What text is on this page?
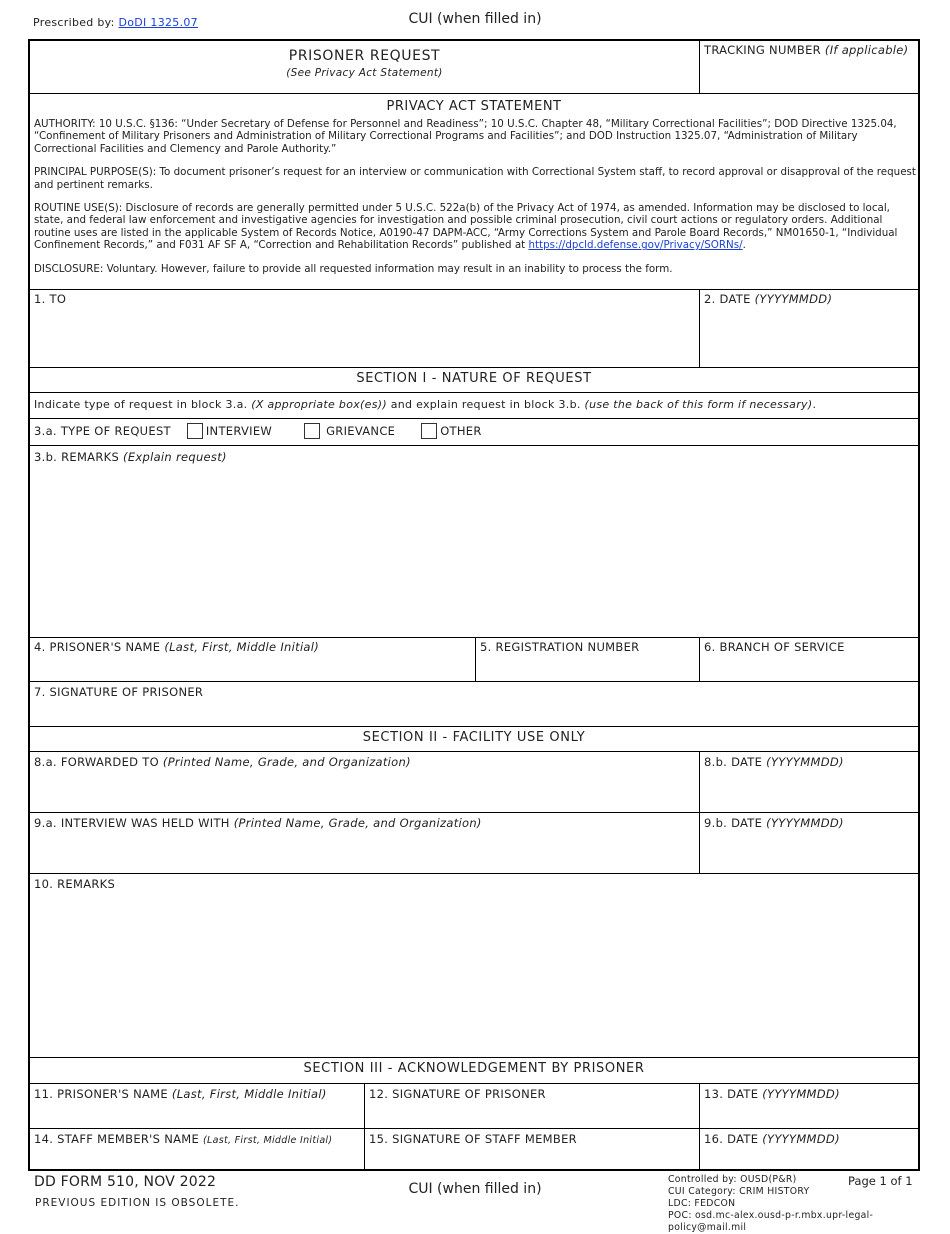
Prescribed by: DoDI 1325.07	CUI (when filled in)
PRISONER REQUEST
(See Privacy Act Statement)
TRACKING NUMBER (If applicable)
PRIVACY ACT STATEMENT

AUTHORITY: 10 U.S.C. §136: “Under Secretary of Defense for Personnel and Readiness”; 10 U.S.C. Chapter 48, “Military Correctional Facilities”; DOD Directive 1325.04, “Confinement of Military Prisoners and Administration of Military Correctional Programs and Facilities”; and DOD Instruction 1325.07, “Administration of Military Correctional Facilities and Clemency and Parole Authority.”

PRINCIPAL PURPOSE(S): To document prisoner’s request for an interview or communication with Correctional System staff, to record approval or disapproval of the request and pertinent remarks.

ROUTINE USE(S): Disclosure of records are generally permitted under 5 U.S.C. 522a(b) of the Privacy Act of 1974, as amended. Information may be disclosed to local, state, and federal law enforcement and investigative agencies for investigation and possible criminal prosecution, civil court actions or regulatory orders. Additional routine uses are listed in the applicable System of Records Notice, A0190-47 DAPM-ACC, “Army Corrections System and Parole Board Records,” NM01650-1, “Individual Confinement Records,” and F031 AF SF A, “Correction and Rehabilitation Records” published at https://dpcld.defense.gov/Privacy/SORNs/.

DISCLOSURE: Voluntary. However, failure to provide all requested information may result in an inability to process the form.

1. TO	2. DATE (YYYYMMDD)
SECTION I - NATURE OF REQUEST
Indicate type of request in block 3.a. (X appropriate box(es)) and explain request in block 3.b. (use the back of this form if necessary).
3.a. TYPE OF REQUEST	INTERVIEW	GRIEVANCE	OTHER
3.b. REMARKS (Explain request)
4. PRISONER'S NAME (Last, First, Middle Initial)	5. REGISTRATION NUMBER	6. BRANCH OF SERVICE
7. SIGNATURE OF PRISONER
SECTION II - FACILITY USE ONLY
8.a. FORWARDED TO (Printed Name, Grade, and Organization)	8.b. DATE (YYYYMMDD)
9.a. INTERVIEW WAS HELD WITH (Printed Name, Grade, and Organization)	9.b. DATE (YYYYMMDD)
10. REMARKS
SECTION III - ACKNOWLEDGEMENT BY PRISONER
11. PRISONER'S NAME (Last, First, Middle Initial)	12. SIGNATURE OF PRISONER	13. DATE (YYYYMMDD)
14. STAFF MEMBER'S NAME (Last, First, Middle Initial)	15. SIGNATURE OF STAFF MEMBER	16. DATE (YYYYMMDD)
DD FORM 510, NOV 2022
PREVIOUS EDITION IS OBSOLETE.
CUI (when filled in)
Controlled by: OUSD(P&R)
CUI Category: CRIM HISTORY
LDC: FEDCON
POC: osd.mc-alex.ousd-p-r.mbx.upr-legal-policy@mail.mil
Page 1 of 1
